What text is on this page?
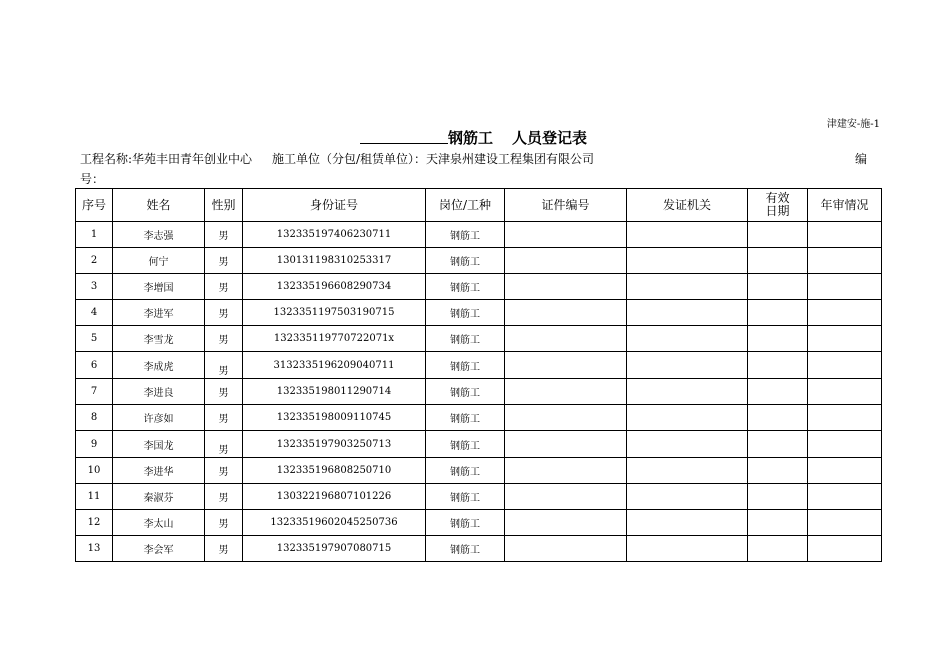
津建安-施-1
钢筋工 人员登记表
工程名称:华苑丰田青年创业中心 施工单位（分包/租赁单位）：天津泉州建设工程集团有限公司	编
号：
序号	姓名	性别	身份证号	岗位/工种	证件编号	发证机关	有效日期	年审情况
1	李志强	男	132335197406230711	钢筋工				
2	何宁	男	130131198310253317	钢筋工				
3	李增国	男	132335196608290734	钢筋工				
4	李进军	男	1323351197503190715	钢筋工				
5	李雪龙	男	132335119770722071x	钢筋工				
6	李成虎	男	3132335196209040711	钢筋工				
7	李进良	男	132335198011290714	钢筋工				
8	许彦如	男	132335198009110745	钢筋工				
9	李国龙	男	132335197903250713	钢筋工				
10	李进华	男	132335196808250710	钢筋工				
11	秦淑芬	男	130322196807101226	钢筋工				
12	李太山	男	13233519602045250736	钢筋工				
13	李会军	男	132335197907080715	钢筋工				
